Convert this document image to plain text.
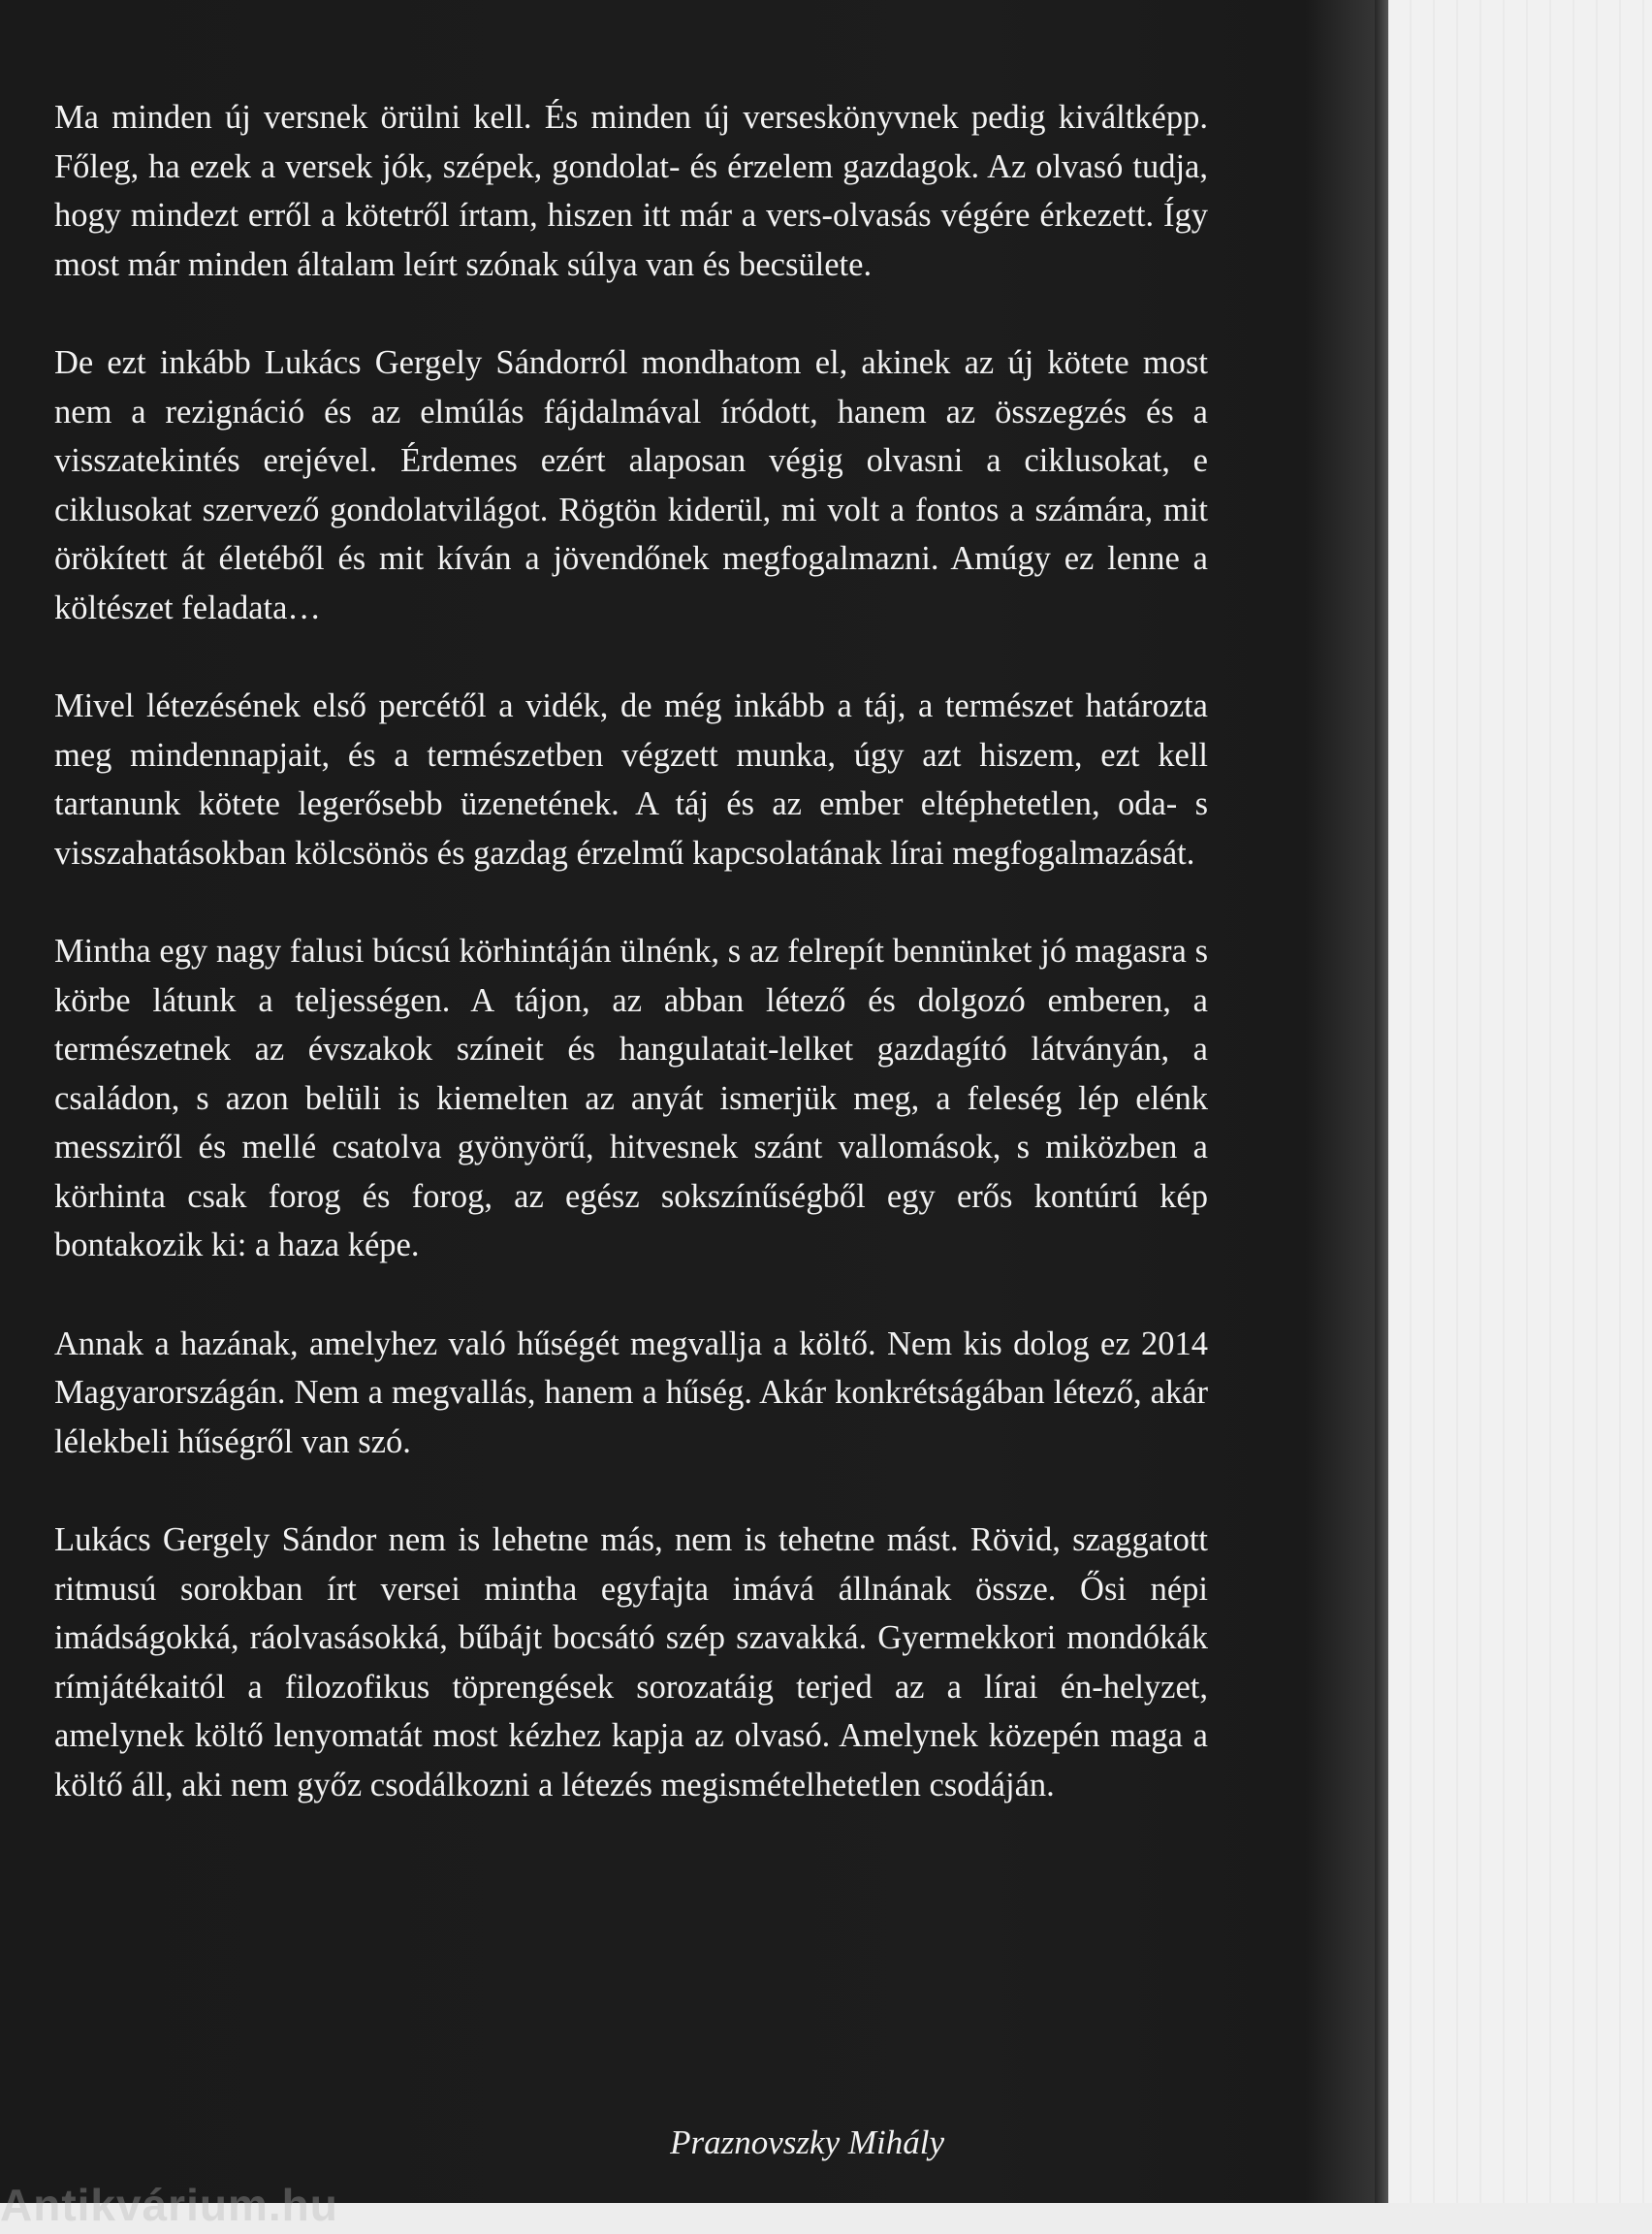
Ma minden új versnek örülni kell. És minden új verseskönyvnek pedig kiváltképp. Főleg, ha ezek a versek jók, szépek, gondolat- és érzelem gazdagok. Az olvasó tudja, hogy mindezt erről a kötetről írtam, hiszen itt már a vers-olvasás végére érkezett. Így most már minden általam leírt szónak súlya van és becsülete.

De ezt inkább Lukács Gergely Sándorról mondhatom el, akinek az új kötete most nem a rezignáció és az elmúlás fájdalmával íródott, hanem az összegzés és a visszatekintés erejével. Érdemes ezért alaposan végig olvasni a ciklusokat, e ciklusokat szervező gondolatvilágot. Rögtön kiderül, mi volt a fontos a számára, mit örökített át életéből és mit kíván a jövendőnek megfogalmazni. Amúgy ez lenne a költészet feladata…

Mivel létezésének első percétől a vidék, de még inkább a táj, a természet határozta meg mindennapjait, és a természetben végzett munka, úgy azt hiszem, ezt kell tartanunk kötete legerősebb üzenetének. A táj és az ember eltéphetetlen, oda- s visszahatásokban kölcsönös és gazdag érzelmű kapcsolatának lírai megfogalmazását.

Mintha egy nagy falusi búcsú körhintáján ülnénk, s az felrepít bennünket jó magasra s körbe látunk a teljességen. A tájon, az abban létező és dolgozó emberen, a természetnek az évszakok színeit és hangulatait-lelket gazdagító látványán, a családon, s azon belüli is kiemelten az anyát ismerjük meg, a feleség lép elénk messziről és mellé csatolva gyönyörű, hitvesnek szánt vallomások, s miközben a körhinta csak forog és forog, az egész sokszínűségből egy erős kontúrú kép bontakozik ki: a haza képe.

Annak a hazának, amelyhez való hűségét megvallja a költő. Nem kis dolog ez 2014 Magyarországán. Nem a megvallás, hanem a hűség. Akár konkrétságában létező, akár lélekbeli hűségről van szó.

Lukács Gergely Sándor nem is lehetne más, nem is tehetne mást. Rövid, szaggatott ritmusú sorokban írt versei mintha egyfajta imává állnának össze. Ősi népi imádságokká, ráolvasásokká, bűbájt bocsátó szép szavakká. Gyermekkori mondókák rímjátékaitól a filozofikus töprengések sorozatáig terjed az a lírai én-helyzet, amelynek költő lenyomatát most kézhez kapja az olvasó. Amelynek közepén maga a költő áll, aki nem győz csodálkozni a létezés megismételhetetlen csodáján.

Praznovszky Mihály

Antikvárium.hu
